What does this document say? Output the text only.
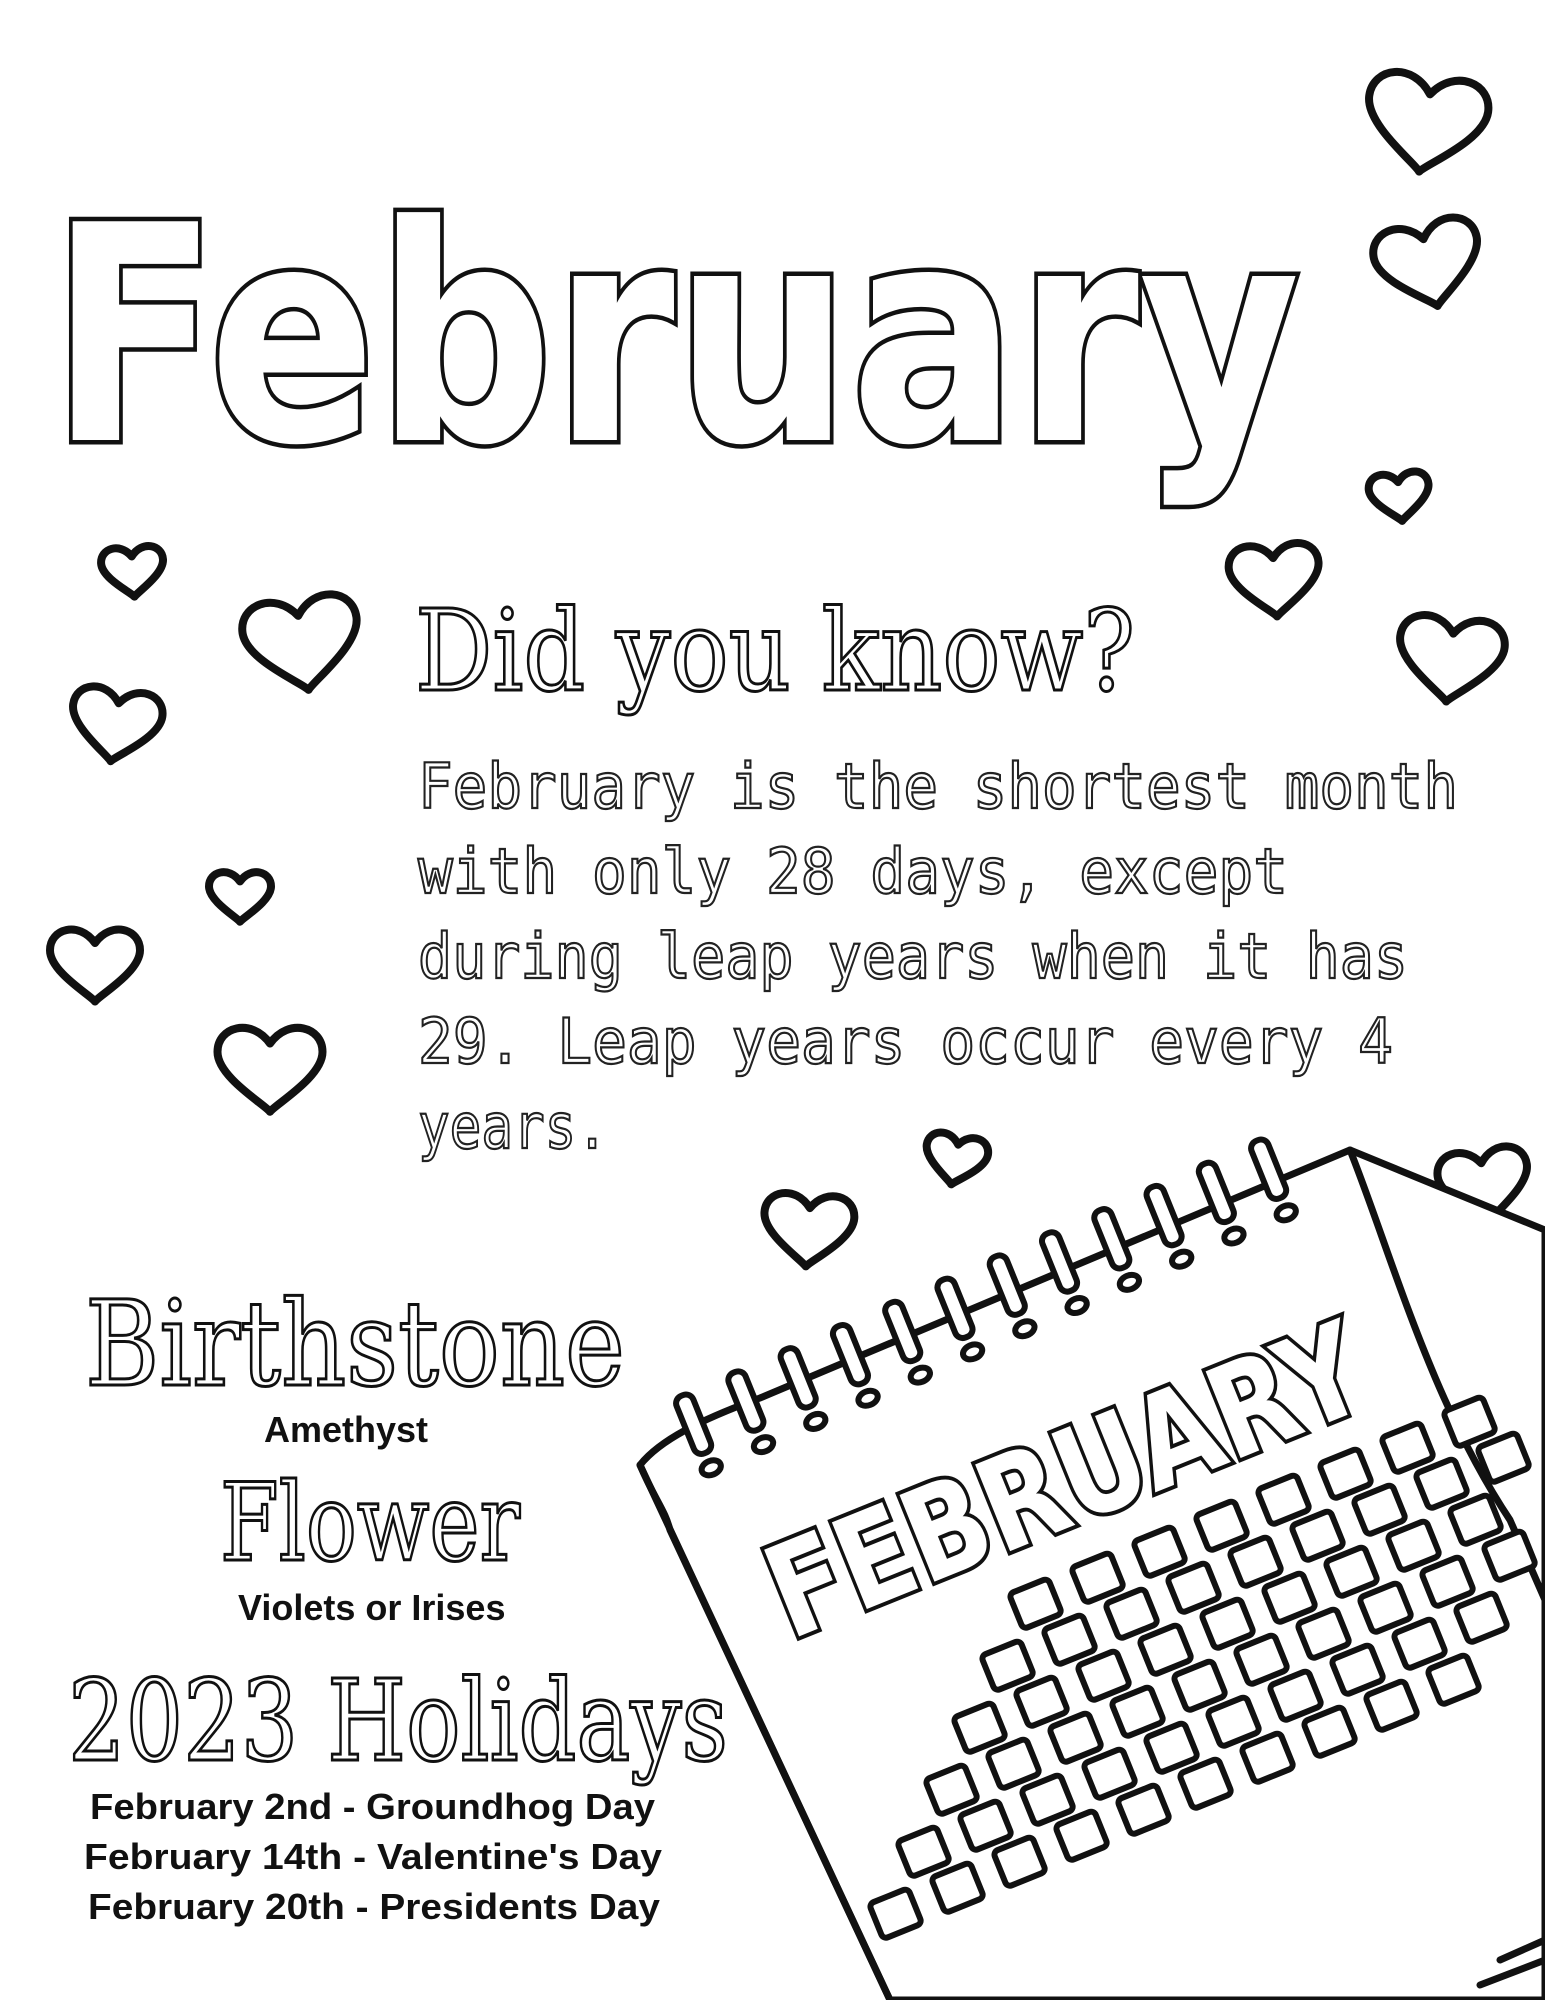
February
Did you know?
February is the shortest month
with only 28 days, except
during leap years when it has
29. Leap years occur every 4
years.
Birthstone
Amethyst
Flower
Violets or Irises
2023 Holidays
February 2nd - Groundhog Day
February 14th - Valentine's Day
February 20th - Presidents Day
FEBRUARY
